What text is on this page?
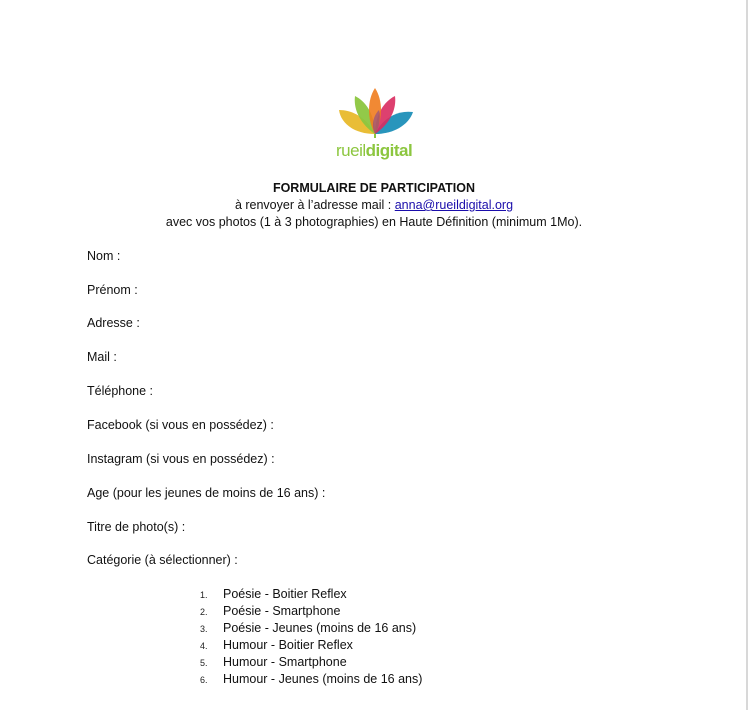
rueildigital
FORMULAIRE DE PARTICIPATION
à renvoyer à l’adresse mail : anna@rueildigital.org
avec vos photos (1 à 3 photographies) en Haute Définition (minimum 1Mo).
Nom :
Prénom :
Adresse :
Mail :
Téléphone :
Facebook (si vous en possédez) :
Instagram (si vous en possédez) :
Age (pour les jeunes de moins de 16 ans) :
Titre de photo(s) :
Catégorie (à sélectionner) :
1. Poésie - Boitier Reflex
2. Poésie - Smartphone
3. Poésie - Jeunes (moins de 16 ans)
4. Humour - Boitier Reflex
5. Humour - Smartphone
6. Humour - Jeunes (moins de 16 ans)
